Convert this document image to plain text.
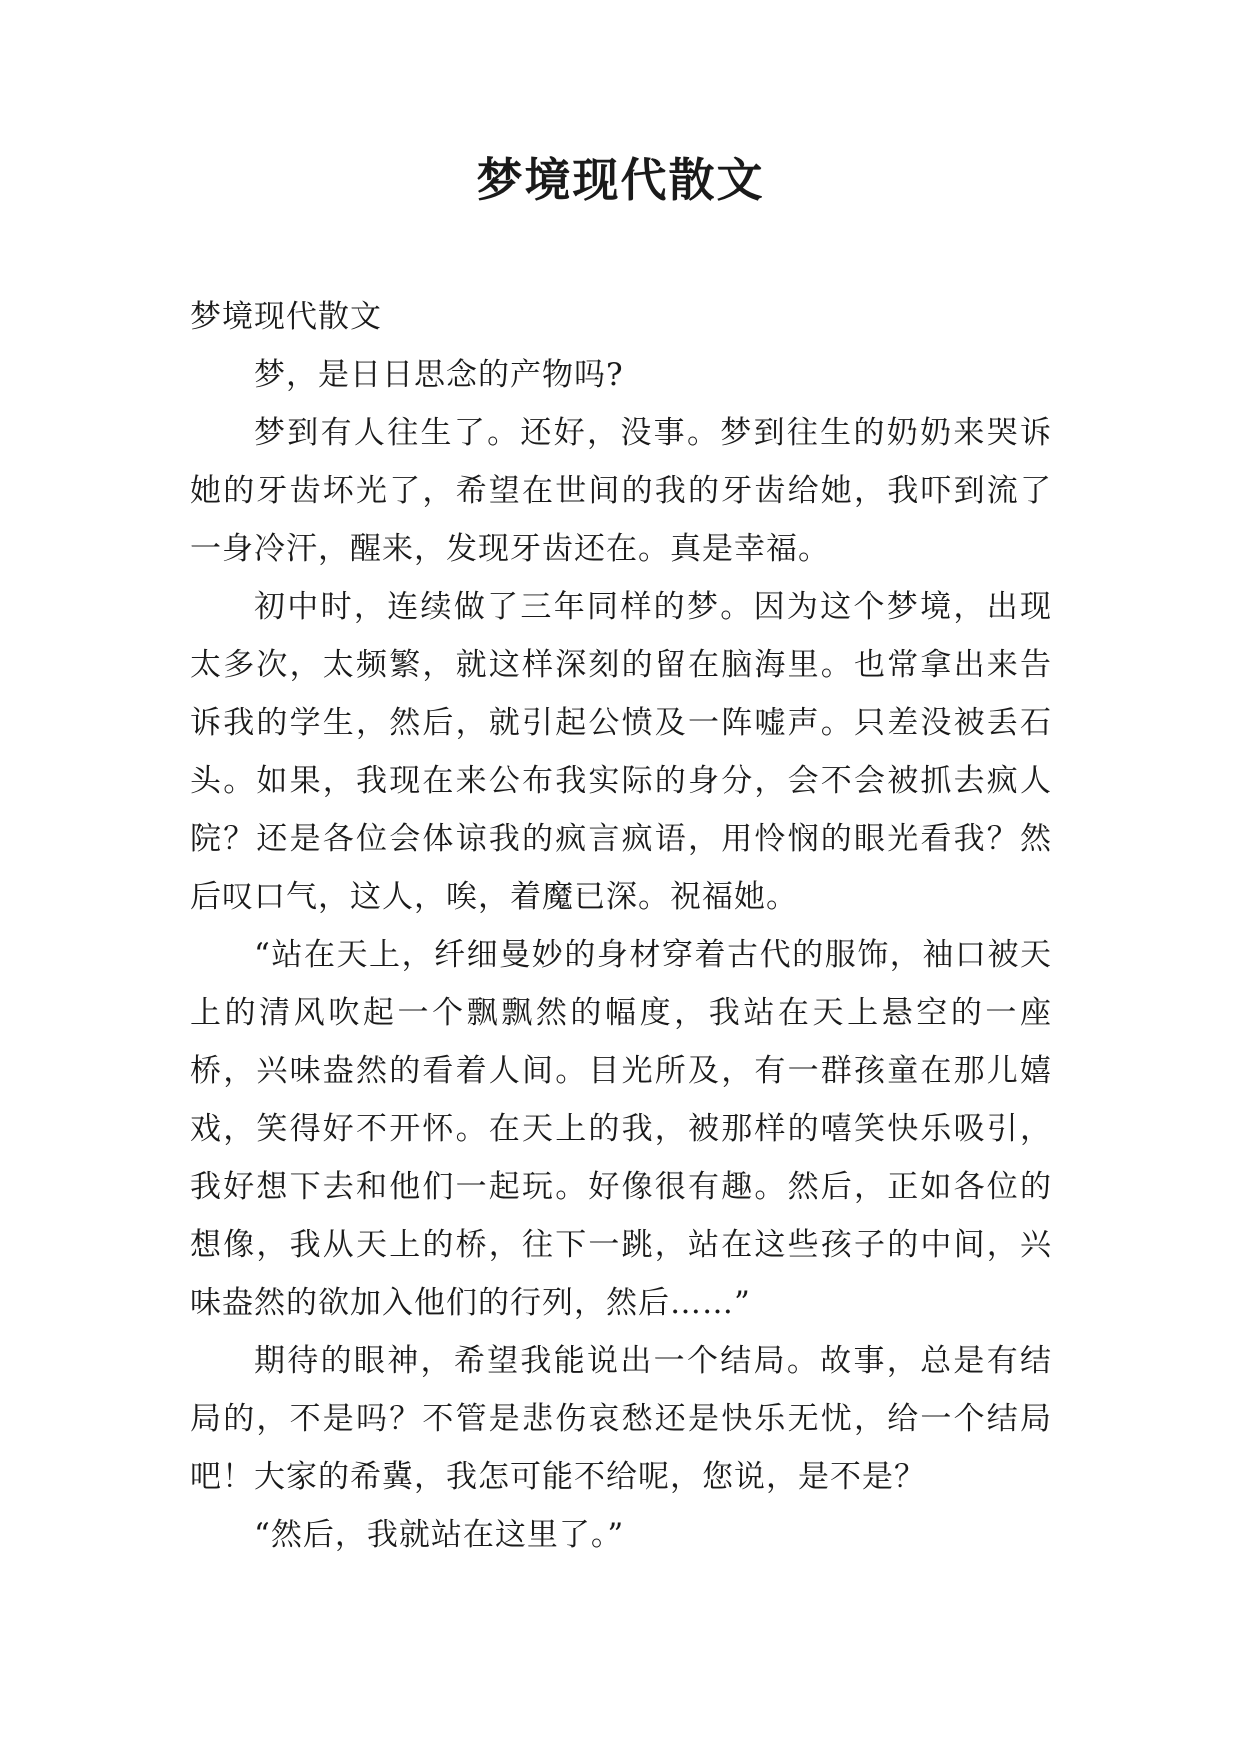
梦境现代散文

梦境现代散文

梦，是日日思念的产物吗?

梦到有人往生了。还好，没事。梦到往生的奶奶来哭诉她的牙齿坏光了，希望在世间的我的牙齿给她，我吓到流了一身冷汗，醒来，发现牙齿还在。真是幸福。

初中时，连续做了三年同样的梦。因为这个梦境，出现太多次，太频繁，就这样深刻的留在脑海里。也常拿出来告诉我的学生，然后，就引起公愤及一阵嘘声。只差没被丢石头。如果，我现在来公布我实际的身分，会不会被抓去疯人院？还是各位会体谅我的疯言疯语，用怜悯的眼光看我？然后叹口气，这人，唉，着魔已深。祝福她。

“站在天上，纤细曼妙的身材穿着古代的服饰，袖口被天上的清风吹起一个飘飘然的幅度，我站在天上悬空的一座桥，兴味盎然的看着人间。目光所及，有一群孩童在那儿嬉戏，笑得好不开怀。在天上的我，被那样的嘻笑快乐吸引，我好想下去和他们一起玩。好像很有趣。然后，正如各位的想像，我从天上的桥，往下一跳，站在这些孩子的中间，兴味盎然的欲加入他们的行列，然后……”

期待的眼神，希望我能说出一个结局。故事，总是有结局的，不是吗？不管是悲伤哀愁还是快乐无忧，给一个结局吧！大家的希冀，我怎可能不给呢，您说，是不是？

“然后，我就站在这里了。”
